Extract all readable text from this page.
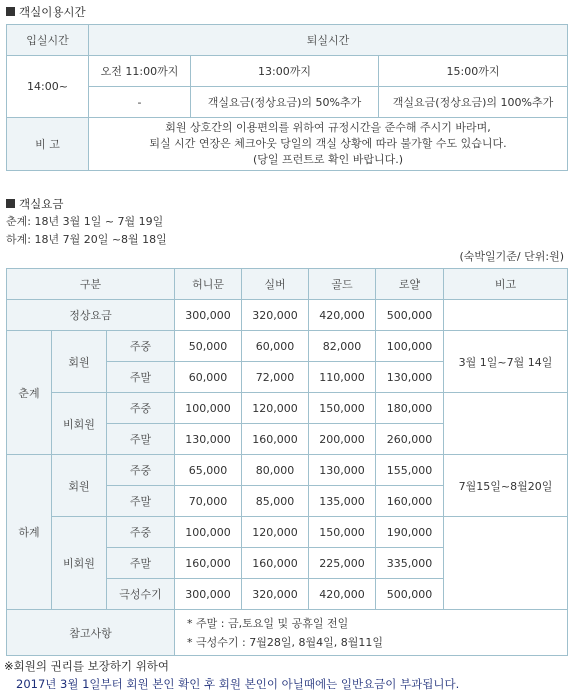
객실이용시간
입실시간	퇴실시간		
14:00~	오전 11:00까지	13:00까지	15:00까지
	-	객실요금(정상요금)의 50%추가	객실요금(정상요금)의 100%추가
비 고	회원 상호간의 이용편의를 위하여 규정시간을 준수해 주시기 바라며,
퇴실 시간 연장은 체크아웃 당일의 객실 상황에 따라 불가할 수도 있습니다.
(당일 프런트로 확인 바랍니다.)		
객실요금
춘계: 18년 3월 1일 ~ 7월 19일
하계: 18년 7월 20일 ~8월 18일
(숙박일기준/ 단위:원)
구분			허니문	실버	골드	로얄	비고
정상요금			300,000	320,000	420,000	500,000	
춘계	회원	주중	50,000	60,000	82,000	100,000	3월 1일~7월 14일
		주말	60,000	72,000	110,000	130,000	
	비회원	주중	100,000	120,000	150,000	180,000	
		주말	130,000	160,000	200,000	260,000	
하계	회원	주중	65,000	80,000	130,000	155,000	7월15일~8월20일
		주말	70,000	85,000	135,000	160,000	
	비회원	주중	100,000	120,000	150,000	190,000	
		주말	160,000	160,000	225,000	335,000	
		극성수기	300,000	320,000	420,000	500,000	
참고사항			* 주말 : 금,토요일 및 공휴일 전일
* 극성수기 : 7월28일, 8월4일, 8월11일				
※회원의 권리를 보장하기 위하여
2017년 3월 1일부터 회원 본인 확인 후 회원 본인이 아닐때에는 일반요금이 부과됩니다.
